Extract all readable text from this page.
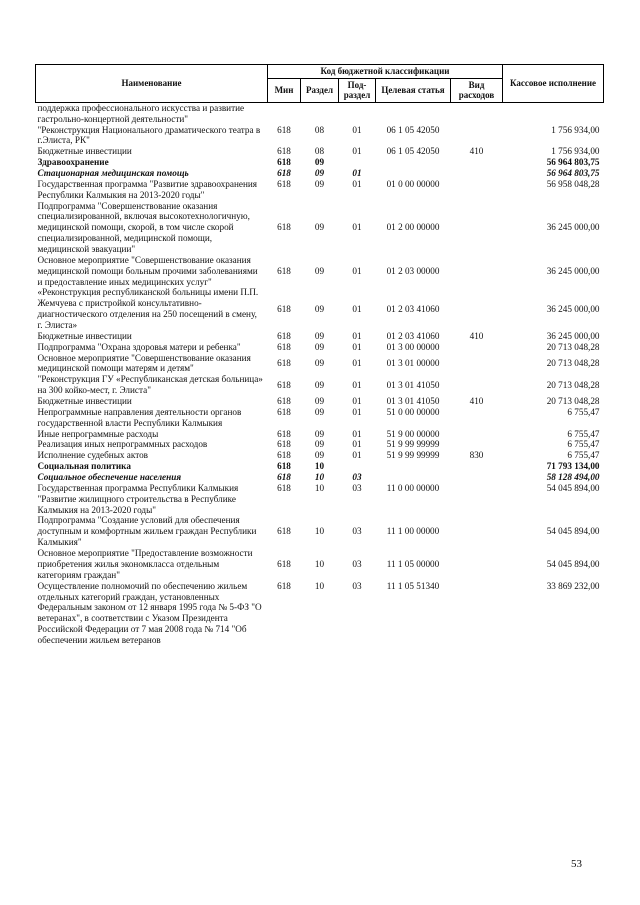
Наименование	Код бюджетной классификации					Кассовое исполнение
	Мин	Раздел	Под-раздел	Целевая статья	Вид расходов	
поддержка профессионального искусства и развитие гастрольно-концертной деятельности"						
"Реконструкция Национального драматического театра в г.Элиста, РК"	618	08	01	06 1 05 42050		1 756 934,00
Бюджетные инвестиции	618	08	01	06 1 05 42050	410	1 756 934,00
Здравоохранение	618	09				56 964 803,75
Стационарная медицинская помощь	618	09	01			56 964 803,75
Государственная программа "Развитие здравоохранения Республики Калмыкия на 2013-2020 годы"	618	09	01	01 0 00 00000		56 958 048,28
Подпрограмма "Совершенствование оказания специализированной, включая высокотехнологичную, медицинской помощи, скорой, в том числе скорой специализированной, медицинской помощи, медицинской эвакуации"	618	09	01	01 2 00 00000		36 245 000,00
Основное мероприятие "Совершенствование оказания медицинской помощи больным прочими заболеваниями и предоставление иных медицинских услуг"	618	09	01	01 2 03 00000		36 245 000,00
«Реконструкция республиканской больницы имени П.П. Жемчуева с пристройкой консультативно-диагностического отделения на 250 посещений в смену, г. Элиста»	618	09	01	01 2 03 41060		36 245 000,00
Бюджетные инвестиции	618	09	01	01 2 03 41060	410	36 245 000,00
Подпрограмма "Охрана здоровья матери и ребенка"	618	09	01	01 3 00 00000		20 713 048,28
Основное мероприятие "Совершенствование оказания медицинской помощи матерям и детям"	618	09	01	01 3 01 00000		20 713 048,28
"Реконструкция ГУ «Республиканская детская больница» на 300 койко-мест, г. Элиста"	618	09	01	01 3 01 41050		20 713 048,28
Бюджетные инвестиции	618	09	01	01 3 01 41050	410	20 713 048,28
Непрограммные направления деятельности органов государственной власти Республики Калмыкия	618	09	01	51 0 00 00000		6 755,47
Иные непрограммные расходы	618	09	01	51 9 00 00000		6 755,47
Реализация иных непрограммных расходов	618	09	01	51 9 99 99999		6 755,47
Исполнение судебных актов	618	09	01	51 9 99 99999	830	6 755,47
Социальная политика	618	10				71 793 134,00
Социальное обеспечение населения	618	10	03			58 128 494,00
Государственная программа Республики Калмыкия "Развитие жилищного строительства в Республике Калмыкия на 2013-2020 годы"	618	10	03	11 0 00 00000		54 045 894,00
Подпрограмма "Создание условий для обеспечения доступным и комфортным жильем граждан Республики Калмыкия"	618	10	03	11 1 00 00000		54 045 894,00
Основное мероприятие "Предоставление возможности приобретения жилья экономкласса отдельным категориям граждан"	618	10	03	11 1 05 00000		54 045 894,00
Осуществление полномочий по обеспечению жильем отдельных категорий граждан, установленных Федеральным законом от 12 января 1995 года № 5-ФЗ "О ветеранах", в соответствии с Указом Президента Российской Федерации от 7 мая 2008 года № 714 "Об обеспечении жильем ветеранов	618	10	03	11 1 05 51340		33 869 232,00
53
